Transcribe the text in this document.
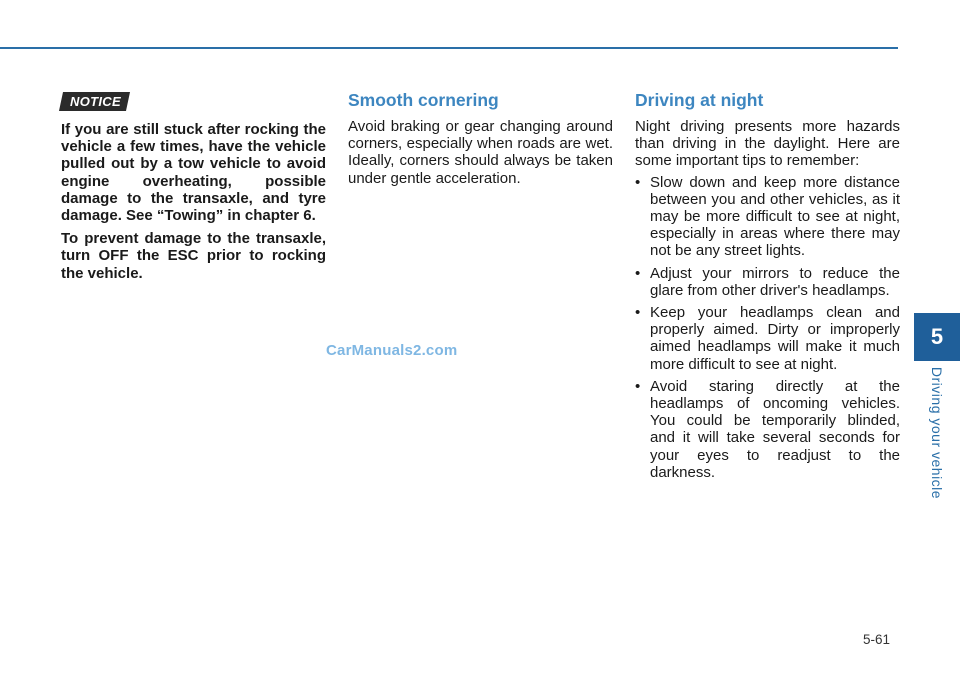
NOTICE

If you are still stuck after rocking the vehicle a few times, have the vehicle pulled out by a tow vehicle to avoid engine overheating, possible damage to the transaxle, and tyre damage. See “Towing” in chapter 6.

To prevent damage to the transaxle, turn OFF the ESC prior to rocking the vehicle.

Smooth cornering

Avoid braking or gear changing around corners, especially when roads are wet. Ideally, corners should always be taken under gentle acceleration.

Driving at night

Night driving presents more hazards than driving in the daylight. Here are some important tips to remember:

• Slow down and keep more distance between you and other vehicles, as it may be more difficult to see at night, especially in areas where there may not be any street lights.
• Adjust your mirrors to reduce the glare from other driver's headlamps.
• Keep your headlamps clean and properly aimed. Dirty or improperly aimed headlamps will make it much more difficult to see at night.
• Avoid staring directly at the headlamps of oncoming vehicles. You could be temporarily blinded, and it will take several seconds for your eyes to readjust to the darkness.
CarManuals2.com
5
Driving your vehicle
5-61
